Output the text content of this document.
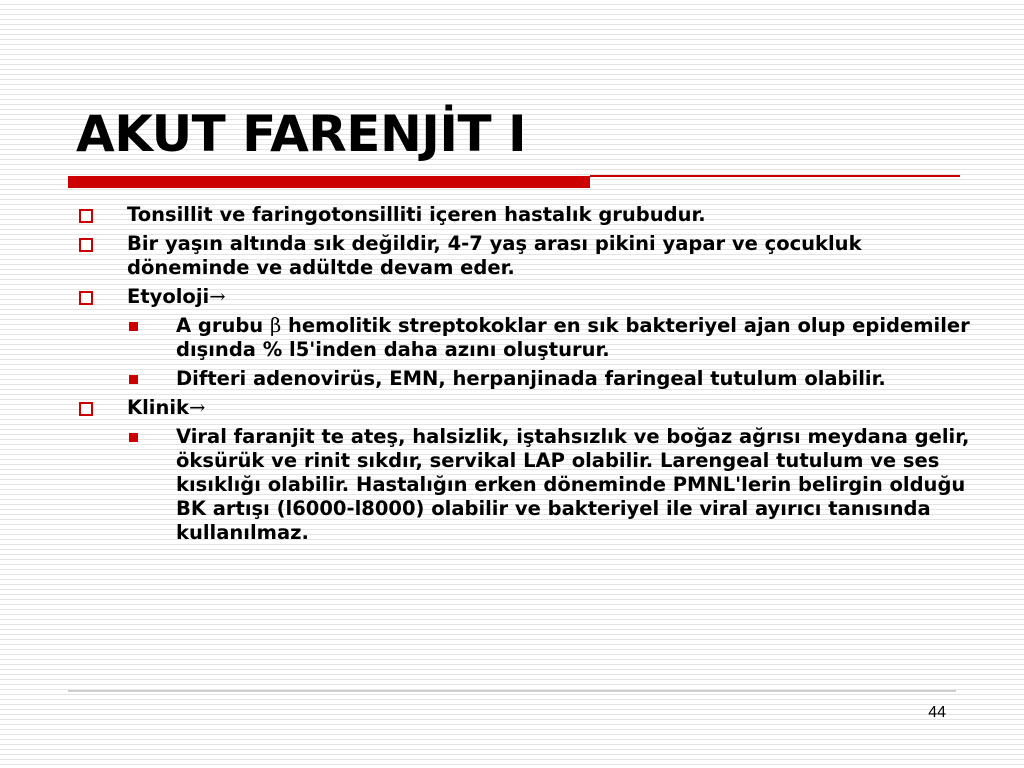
AKUT FARENJİT I
Tonsillit ve faringotonsilliti içeren hastalık grubudur.
Bir yaşın altında sık değildir, 4-7 yaş arası pikini yapar ve çocukluk döneminde ve adültde devam eder.
Etyoloji→
A grubu β hemolitik streptokoklar en sık bakteriyel ajan olup epidemiler dışında % l5'inden daha azını oluşturur.
Difteri adenovirüs, EMN, herpanjinada faringeal tutulum olabilir.
Klinik→
Viral faranjit te ateş, halsizlik, iştahsızlık ve boğaz ağrısı meydana gelir, öksürük ve rinit sıkdır, servikal LAP olabilir. Larengeal tutulum ve ses kısıklığı olabilir. Hastalığın erken döneminde PMNL'lerin belirgin olduğu BK artışı (l6000-l8000) olabilir ve bakteriyel ile viral ayırıcı tanısında kullanılmaz.
44
